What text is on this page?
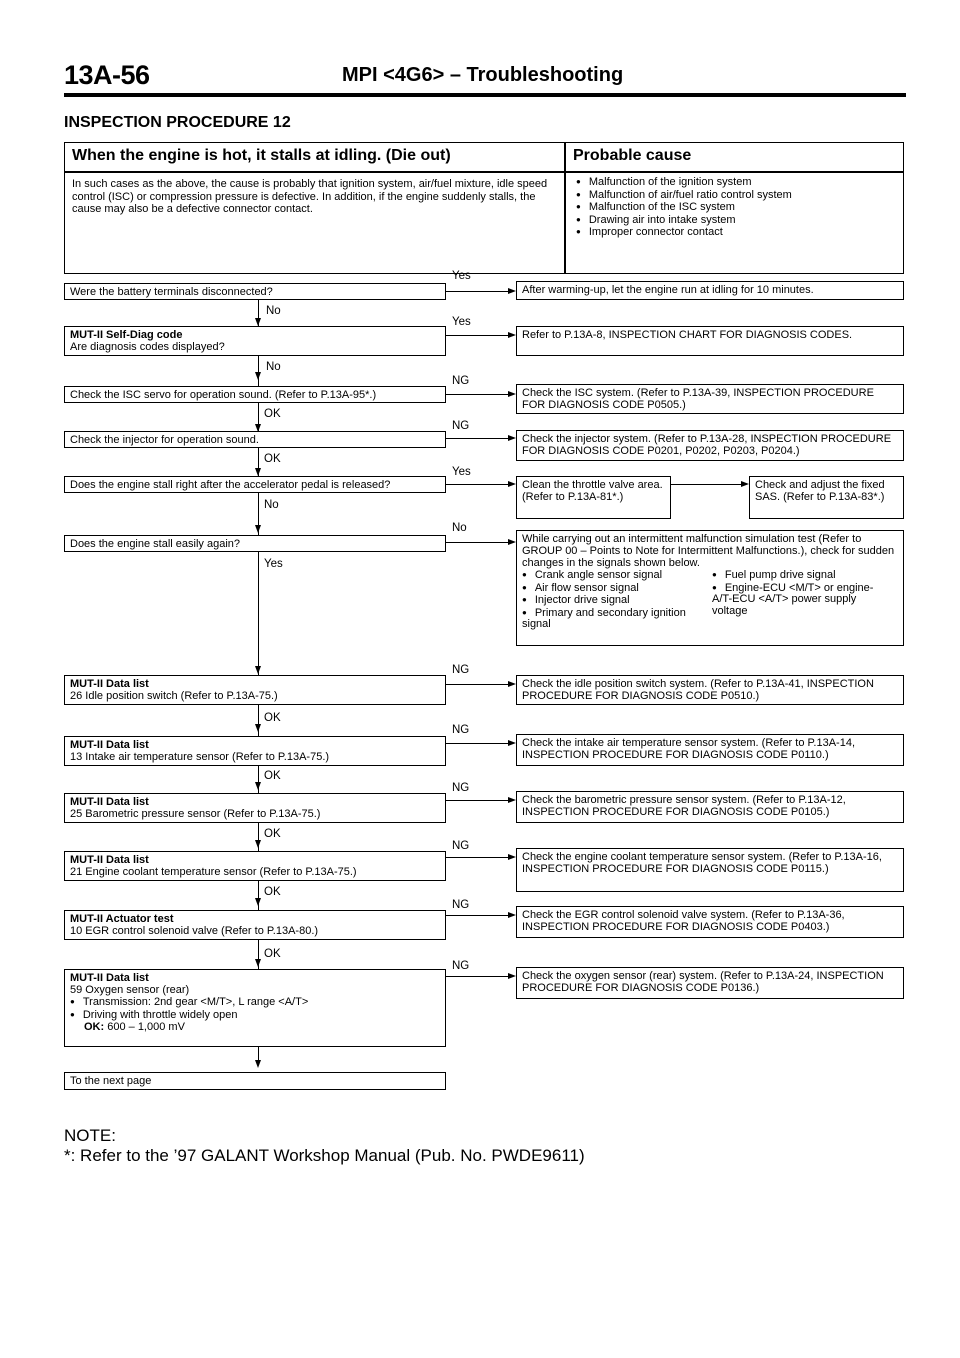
13A-56	MPI <4G6> – Troubleshooting
INSPECTION PROCEDURE 12
When the engine is hot, it stalls at idling. (Die out)	Probable cause
In such cases as the above, the cause is probably that ignition system, air/fuel mixture, idle speed control (ISC) or compression pressure is defective. In addition, if the engine suddenly stalls, the cause may also be a defective connector contact.
● Malfunction of the ignition system
● Malfunction of air/fuel ratio control system
● Malfunction of the ISC system
● Drawing air into intake system
● Improper connector contact
Were the battery terminals disconnected?
Yes
After warming-up, let the engine run at idling for 10 minutes.
No
MUT-II Self-Diag code
Are diagnosis codes displayed?
Yes
Refer to P.13A-8, INSPECTION CHART FOR DIAGNOSIS CODES.
No
Check the ISC servo for operation sound. (Refer to P.13A-95*.)
NG
Check the ISC system. (Refer to P.13A-39, INSPECTION PROCEDURE FOR DIAGNOSIS CODE P0505.)
OK
Check the injector for operation sound.
NG
Check the injector system. (Refer to P.13A-28, INSPECTION PROCEDURE FOR DIAGNOSIS CODE P0201, P0202, P0203, P0204.)
OK
Does the engine stall right after the accelerator pedal is released?
Yes
Clean the throttle valve area. (Refer to P.13A-81*.)
Check and adjust the fixed SAS. (Refer to P.13A-83*.)
No
Does the engine stall easily again?
No
While carrying out an intermittent malfunction simulation test (Refer to GROUP 00 – Points to Note for Intermittent Malfunctions.), check for sudden changes in the signals shown below.
● Crank angle sensor signal
● Air flow sensor signal
● Injector drive signal
● Primary and secondary ignition signal
● Fuel pump drive signal
● Engine-ECU <M/T> or engine-A/T-ECU <A/T> power supply voltage
Yes
MUT-II Data list
26 Idle position switch (Refer to P.13A-75.)
NG
Check the idle position switch system. (Refer to P.13A-41, INSPECTION PROCEDURE FOR DIAGNOSIS CODE P0510.)
OK
MUT-II Data list
13 Intake air temperature sensor (Refer to P.13A-75.)
NG
Check the intake air temperature sensor system. (Refer to P.13A-14, INSPECTION PROCEDURE FOR DIAGNOSIS CODE P0110.)
OK
MUT-II Data list
25 Barometric pressure sensor (Refer to P.13A-75.)
NG
Check the barometric pressure sensor system. (Refer to P.13A-12, INSPECTION PROCEDURE FOR DIAGNOSIS CODE P0105.)
OK
MUT-II Data list
21 Engine coolant temperature sensor (Refer to P.13A-75.)
NG
Check the engine coolant temperature sensor system. (Refer to P.13A-16, INSPECTION PROCEDURE FOR DIAGNOSIS CODE P0115.)
OK
MUT-II Actuator test
10 EGR control solenoid valve (Refer to P.13A-80.)
NG
Check the EGR control solenoid valve system. (Refer to P.13A-36, INSPECTION PROCEDURE FOR DIAGNOSIS CODE P0403.)
OK
MUT-II Data list
59 Oxygen sensor (rear)
● Transmission: 2nd gear <M/T>, L range <A/T>
● Driving with throttle widely open
OK: 600 – 1,000 mV
NG
Check the oxygen sensor (rear) system. (Refer to P.13A-24, INSPECTION PROCEDURE FOR DIAGNOSIS CODE P0136.)
To the next page
NOTE:
*: Refer to the ’97 GALANT Workshop Manual (Pub. No. PWDE9611)
